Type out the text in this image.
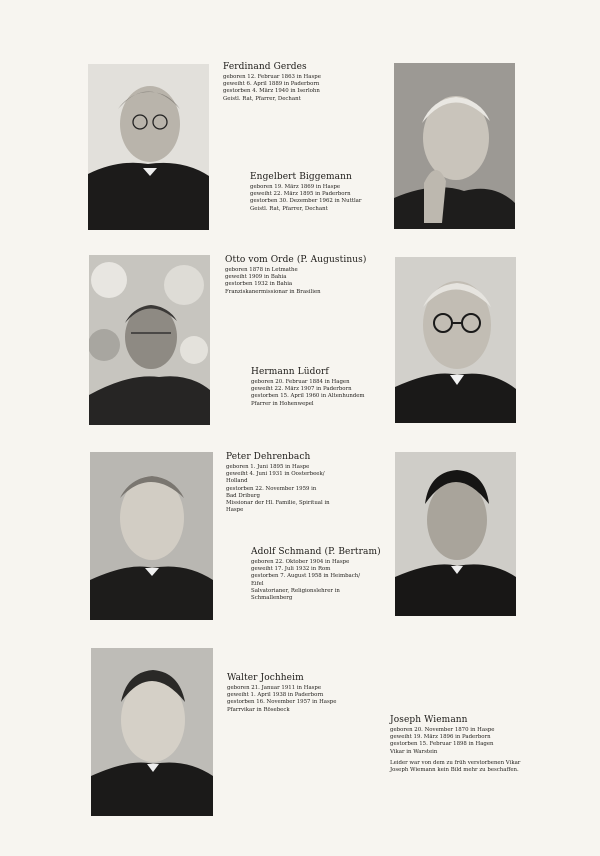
Ferdinand Gerdes
geboren 12. Februar 1863 in Haspe
geweiht 6. April 1889 in Paderborn
gestorben 4. März 1940 in Iserlohn
Geistl. Rat, Pfarrer, Dechant
Engelbert Biggemann
geboren 19. März 1869 in Haspe
geweiht 22. März 1895 in Paderborn
gestorben 30. Dezember 1962 in Nuttlar
Geistl. Rat, Pfarrer, Dechant
Otto vom Orde (P. Augustinus)
geboren 1878 in Letmathe
geweiht 1909 in Bahia
gestorben 1932 in Bahia
Franziskanermissionar in Brasilien
Hermann Lüdorf
geboren 20. Februar 1884 in Hagen
geweiht 22. März 1907 in Paderborn
gestorben 15. April 1960 in Altenhundem
Pfarrer in Hohenwepel
Peter Dehrenbach
geboren 1. Juni 1895 in Haspe
geweiht 4. Juni 1931 in Oosterbeek/
Holland
gestorben 22. November 1959 in
Bad Driburg
Missionar der Hl. Familie, Spiritual in
Haspe
Adolf Schmand (P. Bertram)
geboren 22. Oktober 1904 in Haspe
geweiht 17. Juli 1932 in Rom
gestorben 7. August 1958 in Heimbach/
Eifel
Salvatorianer, Religionslehrer in
Schmallenberg
Walter Jochheim
geboren 21. Januar 1911 in Haspe
geweiht 1. April 1938 in Paderborn
gestorben 16. November 1957 in Haspe
Pfarrvikar in Rösebeck
Joseph Wiemann
geboren 20. November 1870 in Haspe
geweiht 19. März 1896 in Paderborn
gestorben 15. Februar 1898 in Hagen
Vikar in Warstein
Leider war von dem zu früh verstorbenen Vikar Joseph Wiemann kein Bild mehr zu beschaffen.
